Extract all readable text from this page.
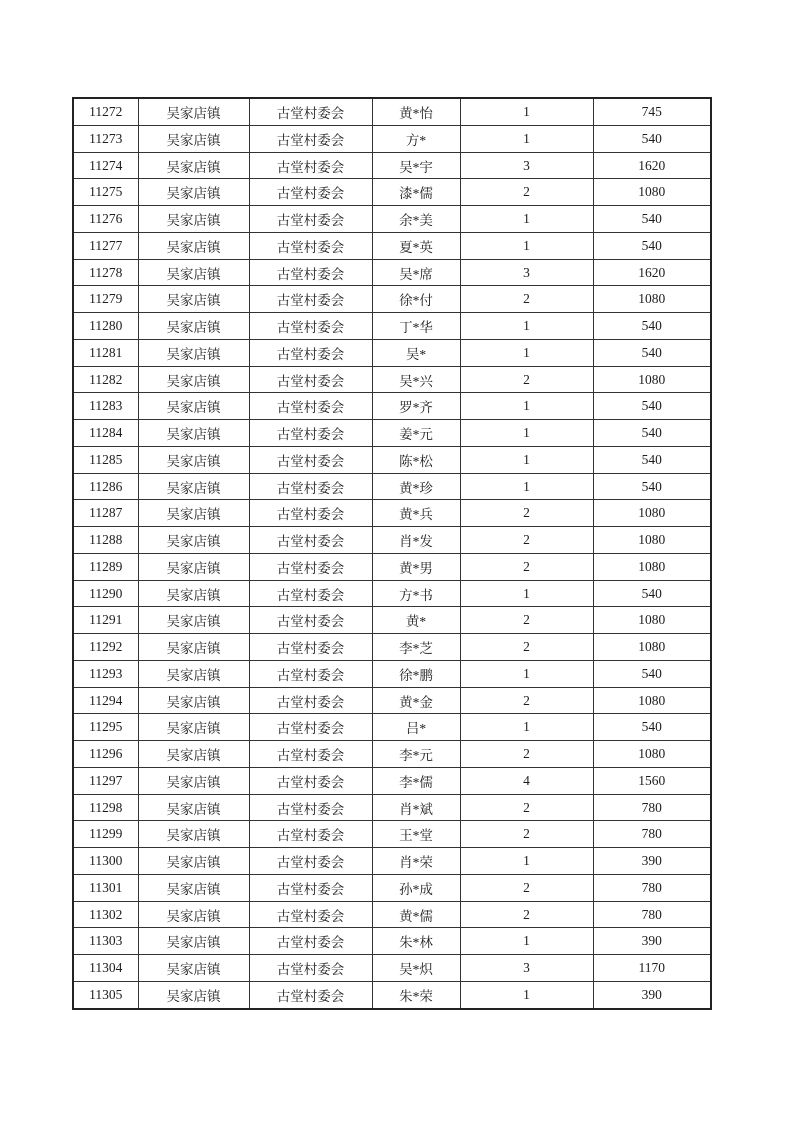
11272	吴家店镇	古堂村委会	黄*怡	1	745
11273	吴家店镇	古堂村委会	方*	1	540
11274	吴家店镇	古堂村委会	吴*宇	3	1620
11275	吴家店镇	古堂村委会	漆*儒	2	1080
11276	吴家店镇	古堂村委会	余*美	1	540
11277	吴家店镇	古堂村委会	夏*英	1	540
11278	吴家店镇	古堂村委会	吴*席	3	1620
11279	吴家店镇	古堂村委会	徐*付	2	1080
11280	吴家店镇	古堂村委会	丁*华	1	540
11281	吴家店镇	古堂村委会	吴*	1	540
11282	吴家店镇	古堂村委会	吴*兴	2	1080
11283	吴家店镇	古堂村委会	罗*齐	1	540
11284	吴家店镇	古堂村委会	姜*元	1	540
11285	吴家店镇	古堂村委会	陈*松	1	540
11286	吴家店镇	古堂村委会	黄*珍	1	540
11287	吴家店镇	古堂村委会	黄*兵	2	1080
11288	吴家店镇	古堂村委会	肖*发	2	1080
11289	吴家店镇	古堂村委会	黄*男	2	1080
11290	吴家店镇	古堂村委会	方*书	1	540
11291	吴家店镇	古堂村委会	黄*	2	1080
11292	吴家店镇	古堂村委会	李*芝	2	1080
11293	吴家店镇	古堂村委会	徐*鹏	1	540
11294	吴家店镇	古堂村委会	黄*金	2	1080
11295	吴家店镇	古堂村委会	吕*	1	540
11296	吴家店镇	古堂村委会	李*元	2	1080
11297	吴家店镇	古堂村委会	李*儒	4	1560
11298	吴家店镇	古堂村委会	肖*斌	2	780
11299	吴家店镇	古堂村委会	王*堂	2	780
11300	吴家店镇	古堂村委会	肖*荣	1	390
11301	吴家店镇	古堂村委会	孙*成	2	780
11302	吴家店镇	古堂村委会	黄*儒	2	780
11303	吴家店镇	古堂村委会	朱*林	1	390
11304	吴家店镇	古堂村委会	吴*炽	3	1170
11305	吴家店镇	古堂村委会	朱*荣	1	390
